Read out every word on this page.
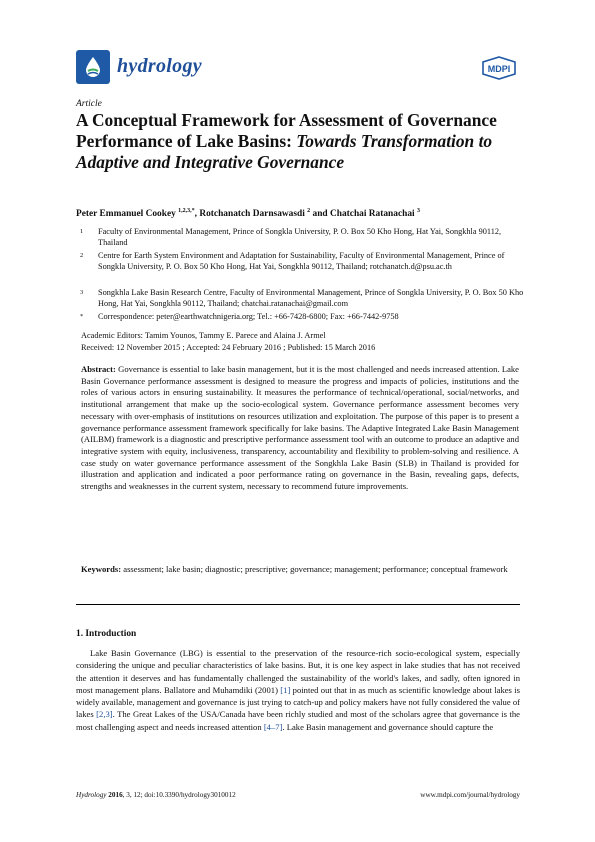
hydrology	MDPI
Article
A Conceptual Framework for Assessment of Governance Performance of Lake Basins: Towards Transformation to Adaptive and Integrative Governance
Peter Emmanuel Cookey $^{1,2,3,*}$, Rotchanatch Darnsawasdi $^2$ and Chatchai Ratanachai $^3$
1 Faculty of Environmental Management, Prince of Songkla University, P. O. Box 50 Kho Hong, Hat Yai, Songkhla 90112, Thailand
2 Centre for Earth System Environment and Adaptation for Sustainability, Faculty of Environmental Management, Prince of Songkla University, P. O. Box 50 Kho Hong, Hat Yai, Songkhla 90112, Thailand; rotchanatch.d@psu.ac.th
3 Songkhla Lake Basin Research Centre, Faculty of Environmental Management, Prince of Songkla University, P. O. Box 50 Kho Hong, Hat Yai, Songkhla 90112, Thailand; chatchai.ratanachai@gmail.com
* Correspondence: peter@earthwatchnigeria.org; Tel.: +66-7428-6800; Fax: +66-7442-9758
Academic Editors: Tamim Younos, Tammy E. Parece and Alaina J. Armel
Received: 12 November 2015 ; Accepted: 24 February 2016 ; Published: 15 March 2016
Abstract: Governance is essential to lake basin management, but it is the most challenged and needs increased attention. Lake Basin Governance performance assessment is designed to measure the progress and impacts of policies, institutions and the roles of various actors in ensuring sustainability. It measures the performance of technical/operational, social/networks, and institutional arrangement that make up the socio-ecological system. Governance performance assessment becomes very necessary with over-emphasis of institutions on resources utilization and exploitation. The purpose of this paper is to present a governance performance assessment framework specifically for lake basins. The Adaptive Integrated Lake Basin Management (AILBM) framework is a diagnostic and prescriptive performance assessment tool with an outcome to produce an adaptive and integrative system with equity, inclusiveness, transparency, accountability and flexibility to problem-solving and resilience. A case study on water governance performance assessment of the Songkhla Lake Basin (SLB) in Thailand is provided for illustration and application and indicated a poor performance rating on governance in the Basin, revealing gaps, defects, strengths and weaknesses in the current system, necessary to recommend future improvements.
Keywords: assessment; lake basin; diagnostic; prescriptive; governance; management; performance; conceptual framework
1. Introduction

Lake Basin Governance (LBG) is essential to the preservation of the resource-rich socio-ecological system, especially considering the unique and peculiar characteristics of lake basins. But, it is one key aspect in lake studies that has not received the attention it deserves and has fundamentally challenged the sustainability of the world's lakes, and sadly, often ignored in most management plans. Ballatore and Muhamdiki (2001) [1] pointed out that in as much as scientific knowledge about lakes is widely available, management and governance is just trying to catch-up and policy makers have not fully considered the value of lakes [2,3]. The Great Lakes of the USA/Canada have been richly studied and most of the scholars agree that governance is the most challenging aspect and needs increased attention [4–7]. Lake Basin management and governance should capture the

Hydrology 2016, 3, 12; doi:10.3390/hydrology3010012	www.mdpi.com/journal/hydrology
